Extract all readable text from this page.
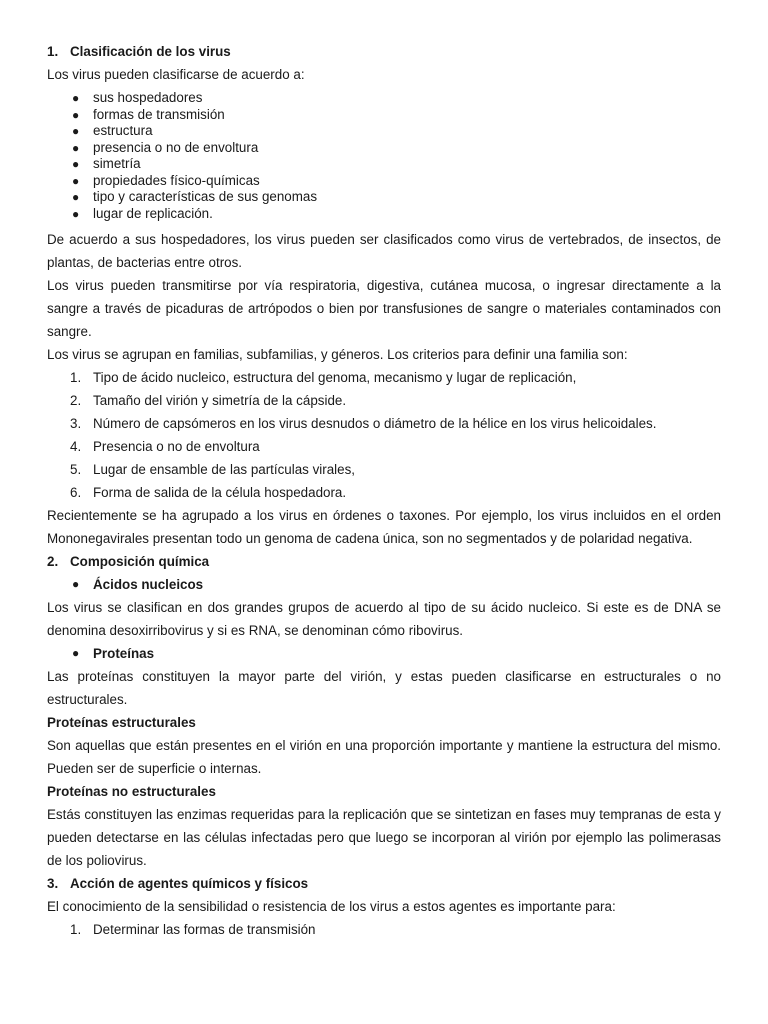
1. Clasificación de los virus
Los virus pueden clasificarse de acuerdo a:
●	sus hospedadores
●	formas de transmisión
●	estructura
●	presencia o no de envoltura
●	simetría
●	propiedades físico-químicas
●	tipo y características de sus genomas
●	lugar de replicación.
De acuerdo a sus hospedadores, los virus pueden ser clasificados como virus de vertebrados, de insectos, de plantas, de bacterias entre otros.
Los virus pueden transmitirse por vía respiratoria, digestiva, cutánea mucosa, o ingresar directamente a la sangre a través de picaduras de artrópodos o bien por transfusiones de sangre o materiales contaminados con sangre.
Los virus se agrupan en familias, subfamilias, y géneros. Los criterios para definir una familia son:
1. Tipo de ácido nucleico, estructura del genoma, mecanismo y lugar de replicación,
2. Tamaño del virión y simetría de la cápside.
3. Número de capsómeros en los virus desnudos o diámetro de la hélice en los virus helicoidales.
4. Presencia o no de envoltura
5. Lugar de ensamble de las partículas virales,
6. Forma de salida de la célula hospedadora.
Recientemente se ha agrupado a los virus en órdenes o taxones. Por ejemplo, los virus incluidos en el orden Mononegavirales presentan todo un genoma de cadena única, son no segmentados y de polaridad negativa.
2. Composición química
●	Ácidos nucleicos
Los virus se clasifican en dos grandes grupos de acuerdo al tipo de su ácido nucleico. Si este es de DNA se denomina desoxirribovirus y si es RNA, se denominan cómo ribovirus.
●	Proteínas
Las proteínas constituyen la mayor parte del virión, y estas pueden clasificarse en estructurales o no estructurales.
Proteínas estructurales
Son aquellas que están presentes en el virión en una proporción importante y mantiene la estructura del mismo. Pueden ser de superficie o internas.
Proteínas no estructurales
Estás constituyen las enzimas requeridas para la replicación que se sintetizan en fases muy tempranas de esta y pueden detectarse en las células infectadas pero que luego se incorporan al virión por ejemplo las polimerasas de los poliovirus.
3. Acción de agentes químicos y físicos
El conocimiento de la sensibilidad o resistencia de los virus a estos agentes es importante para:
1. Determinar las formas de transmisión
